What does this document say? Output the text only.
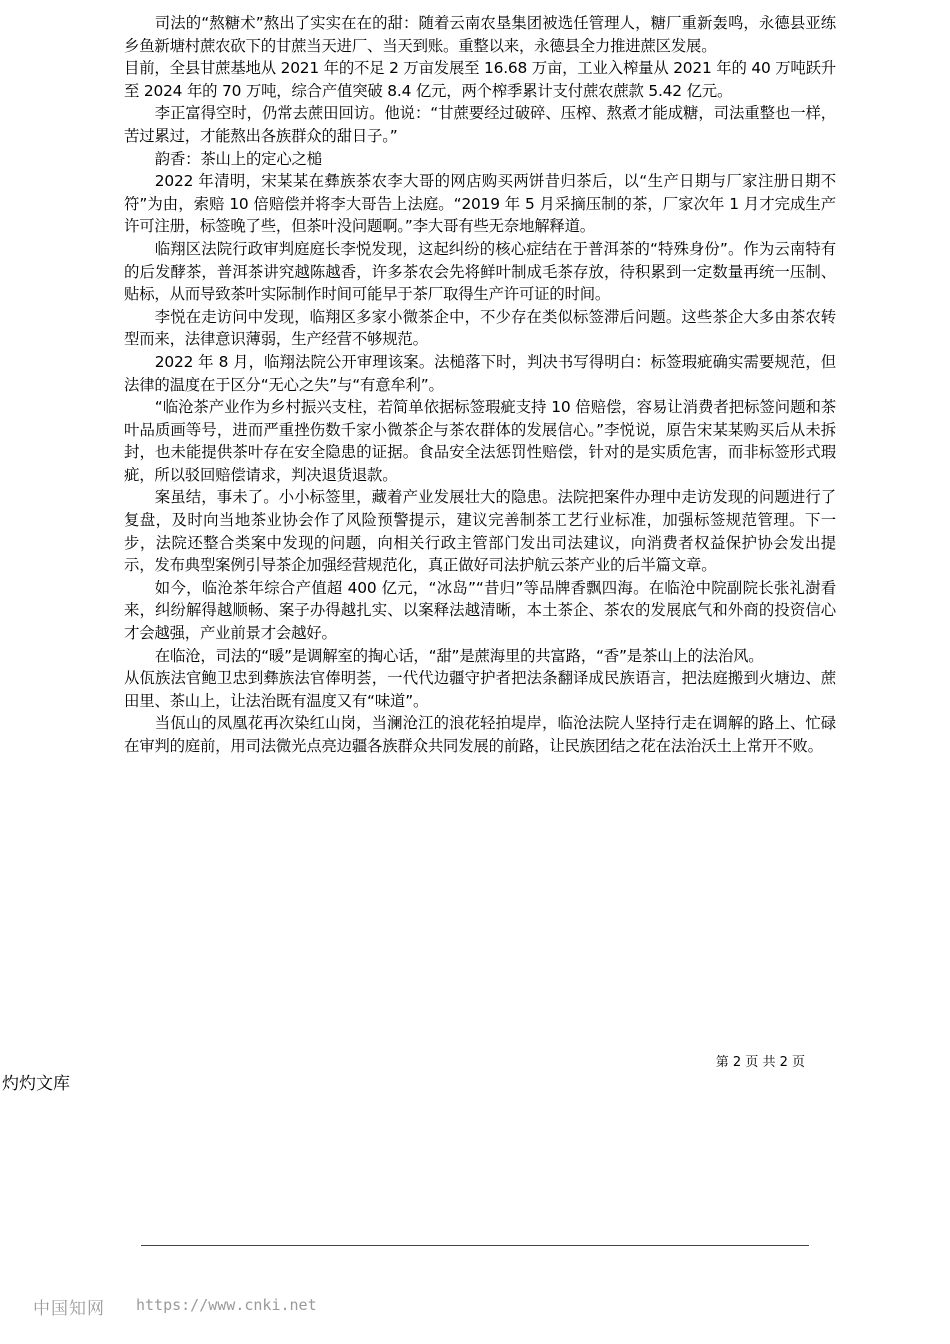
司法的“熬糖术”熬出了实实在在的甜：随着云南农垦集团被选任管理人，糖厂重新轰鸣，永德县亚练乡鱼新塘村蔗农砍下的甘蔗当天进厂、当天到账。重整以来，永德县全力推进蔗区发展。

目前，全县甘蔗基地从 2021 年的不足 2 万亩发展至 16.68 万亩，工业入榨量从 2021 年的 40 万吨跃升至 2024 年的 70 万吨，综合产值突破 8.4 亿元，两个榨季累计支付蔗农蔗款 5.42 亿元。

李正富得空时，仍常去蔗田回访。他说：“甘蔗要经过破碎、压榨、熬煮才能成糖，司法重整也一样，苦过累过，才能熬出各族群众的甜日子。”

韵香：茶山上的定心之槌

2022 年清明，宋某某在彝族茶农李大哥的网店购买两饼昔归茶后，以“生产日期与厂家注册日期不符”为由，索赔 10 倍赔偿并将李大哥告上法庭。“2019 年 5 月采摘压制的茶，厂家次年 1 月才完成生产许可注册，标签晚了些，但茶叶没问题啊。”李大哥有些无奈地解释道。

临翔区法院行政审判庭庭长李悦发现，这起纠纷的核心症结在于普洱茶的“特殊身份”。作为云南特有的后发酵茶，普洱茶讲究越陈越香，许多茶农会先将鲜叶制成毛茶存放，待积累到一定数量再统一压制、贴标，从而导致茶叶实际制作时间可能早于茶厂取得生产许可证的时间。

李悦在走访问中发现，临翔区多家小微茶企中，不少存在类似标签滞后问题。这些茶企大多由茶农转型而来，法律意识薄弱，生产经营不够规范。

2022 年 8 月，临翔法院公开审理该案。法槌落下时，判决书写得明白：标签瑕疵确实需要规范，但法律的温度在于区分“无心之失”与“有意牟利”。

“临沧茶产业作为乡村振兴支柱，若简单依据标签瑕疵支持 10 倍赔偿，容易让消费者把标签问题和茶叶品质画等号，进而严重挫伤数千家小微茶企与茶农群体的发展信心。”李悦说，原告宋某某购买后从未拆封，也未能提供茶叶存在安全隐患的证据。食品安全法惩罚性赔偿，针对的是实质危害，而非标签形式瑕疵，所以驳回赔偿请求，判决退货退款。

案虽结，事未了。小小标签里，藏着产业发展壮大的隐患。法院把案件办理中走访发现的问题进行了复盘，及时向当地茶业协会作了风险预警提示，建议完善制茶工艺行业标准，加强标签规范管理。下一步，法院还整合类案中发现的问题，向相关行政主管部门发出司法建议，向消费者权益保护协会发出提示，发布典型案例引导茶企加强经营规范化，真正做好司法护航云茶产业的后半篇文章。

如今，临沧茶年综合产值超 400 亿元，“冰岛”“昔归”等品牌香飘四海。在临沧中院副院长张礼澍看来，纠纷解得越顺畅、案子办得越扎实、以案释法越清晰，本土茶企、茶农的发展底气和外商的投资信心才会越强，产业前景才会越好。

在临沧，司法的“暖”是调解室的掏心话，“甜”是蔗海里的共富路，“香”是茶山上的法治风。

从佤族法官鲍卫忠到彝族法官俸明荟，一代代边疆守护者把法条翻译成民族语言，把法庭搬到火塘边、蔗田里、茶山上，让法治既有温度又有“味道”。

当佤山的凤凰花再次染红山岗，当澜沧江的浪花轻拍堤岸，临沧法院人坚持行走在调解的路上、忙碌在审判的庭前，用司法微光点亮边疆各族群众共同发展的前路，让民族团结之花在法治沃土上常开不败。

第 2 页 共 2 页
灼灼文库
中国知网 https://www.cnki.net
